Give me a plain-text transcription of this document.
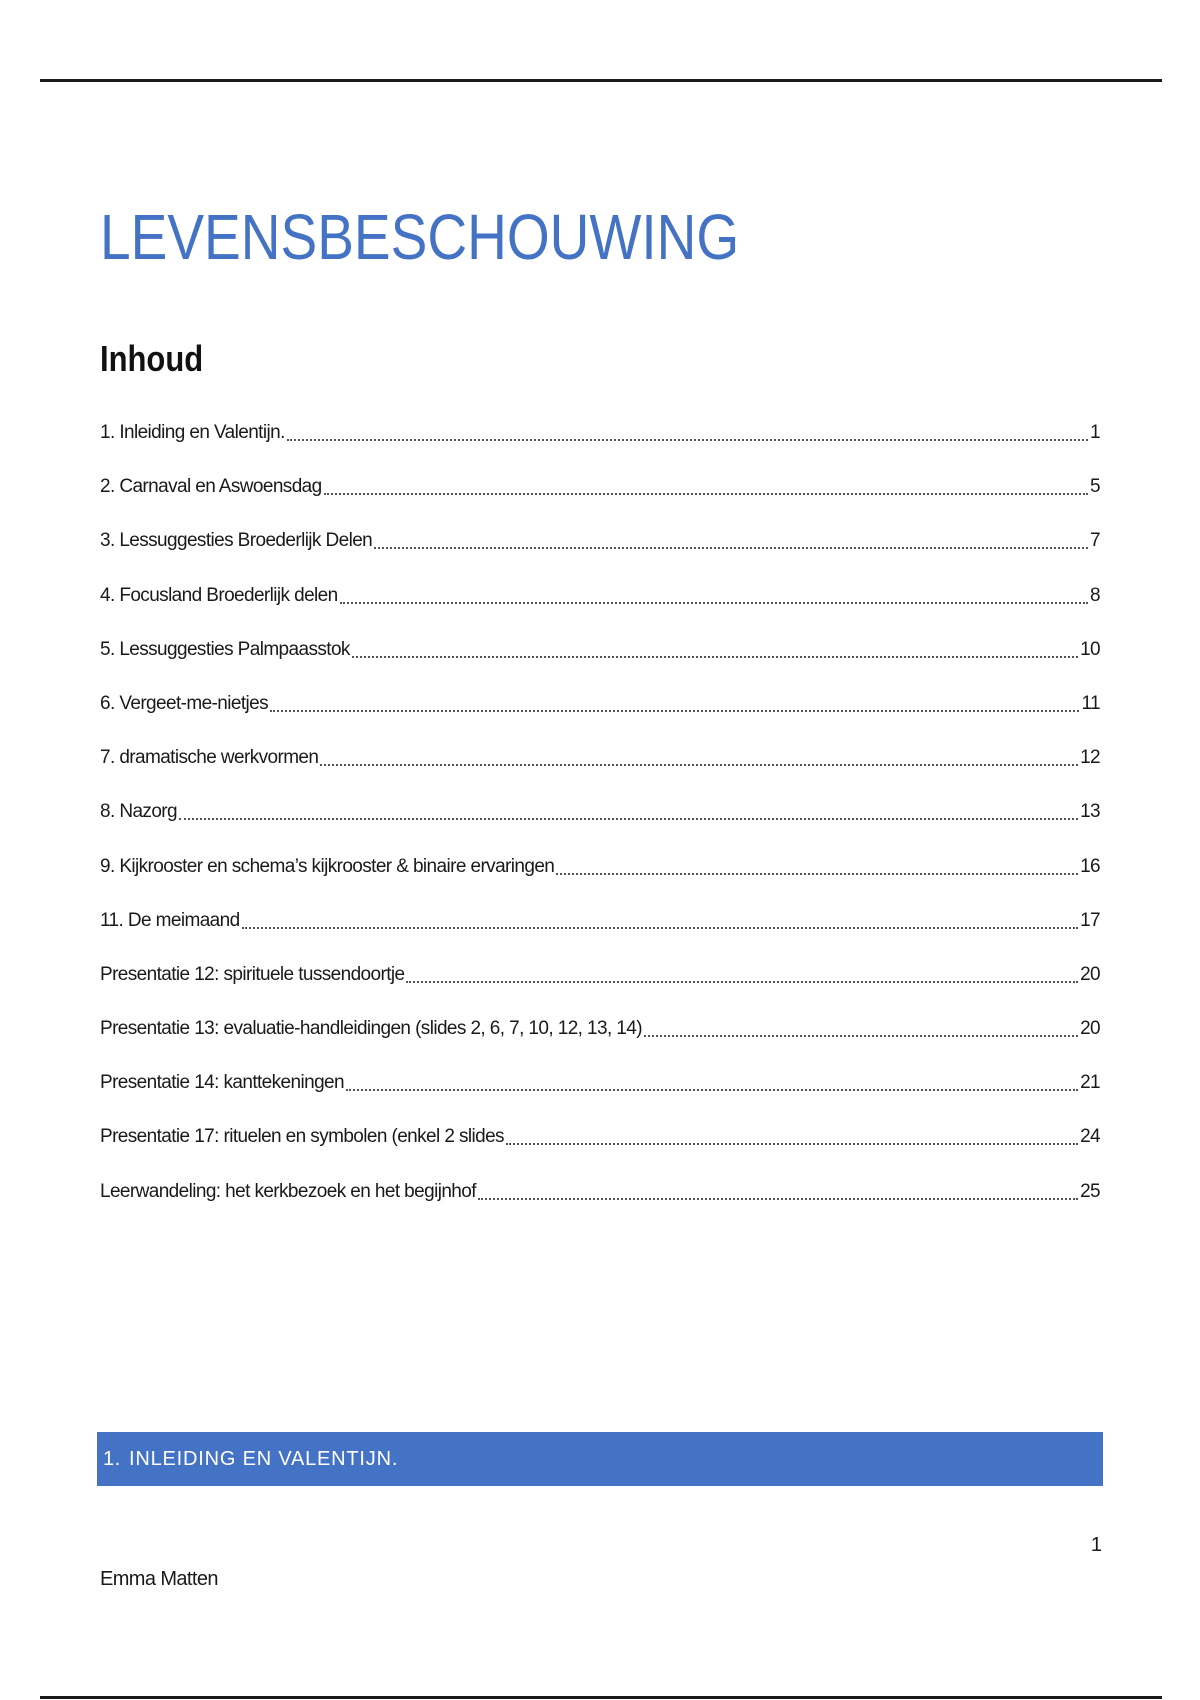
LEVENSBESCHOUWING
Inhoud
1. Inleiding en Valentijn.	1
2. Carnaval en Aswoensdag	5
3. Lessuggesties Broederlijk Delen	7
4. Focusland Broederlijk delen	8
5. Lessuggesties Palmpaasstok	10
6. Vergeet-me-nietjes	11
7. dramatische werkvormen	12
8. Nazorg	13
9. Kijkrooster en schema’s kijkrooster & binaire ervaringen	16
11. De meimaand	17
Presentatie 12: spirituele tussendoortje	20
Presentatie 13: evaluatie-handleidingen (slides 2, 6, 7, 10, 12, 13, 14)	20
Presentatie 14: kanttekeningen	21
Presentatie 17: rituelen en symbolen (enkel 2 slides	24
Leerwandeling: het kerkbezoek en het begijnhof	25
1. INLEIDING EN VALENTIJN.
1
Emma Matten
